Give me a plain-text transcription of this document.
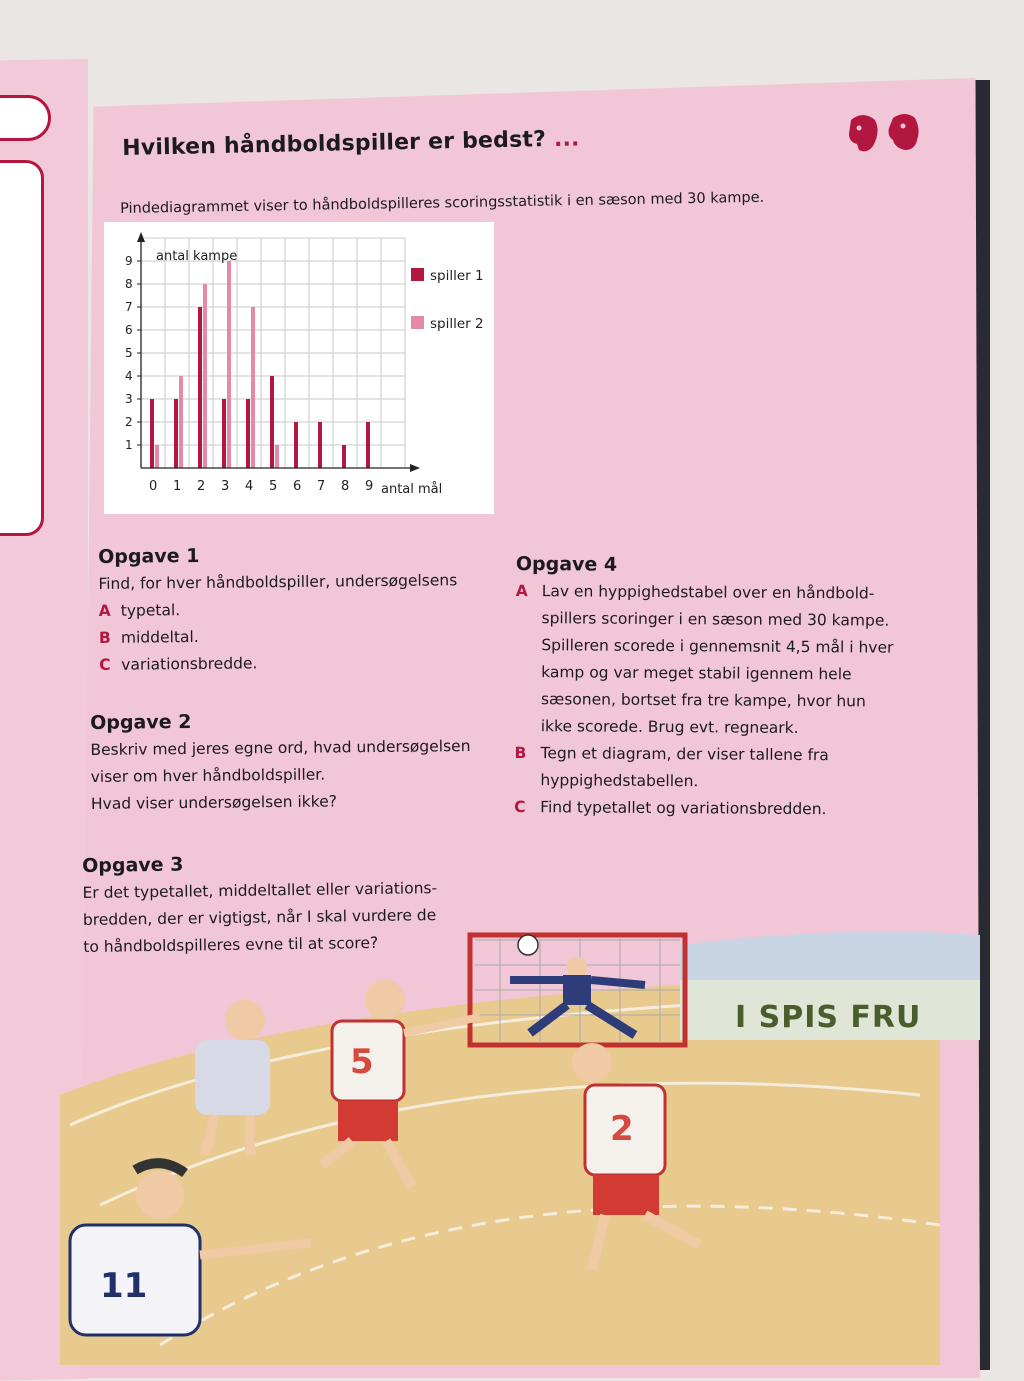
Hvilken håndboldspiller er bedst? ...

Pindediagrammet viser to håndboldspilleres scoringsstatistik i en sæson med 30 kampe.

1
2
3
4
5
6
7
8
9
0 1 2 3 4 5 6 7 8 9
antal kampe
antal mål
spiller 1
spiller 2
Opgave 1

Find, for hver håndboldspiller, undersøgelsens

A typetal.
B middeltal.
C variationsbredde.
Opgave 2

Beskriv med jeres egne ord, hvad undersøgelsen

viser om hver håndboldspiller.

Hvad viser undersøgelsen ikke?

Opgave 3

Er det typetallet, middeltallet eller variations-

bredden, der er vigtigst, når I skal vurdere de

to håndboldspilleres evne til at score?

Opgave 4
A Lav en hyppighedstabel over en håndbold-

spillers scoringer i en sæson med 30 kampe.

Spilleren scorede i gennemsnit 4,5 mål i hver

kamp og var meget stabil igennem hele

sæsonen, bortset fra tre kampe, hvor hun

ikke scorede. Brug evt. regneark.

B Tegn et diagram, der viser tallene fra

hyppighedstabellen.

C Find typetallet og variationsbredden.

I SPIS FRU
5
2
11
